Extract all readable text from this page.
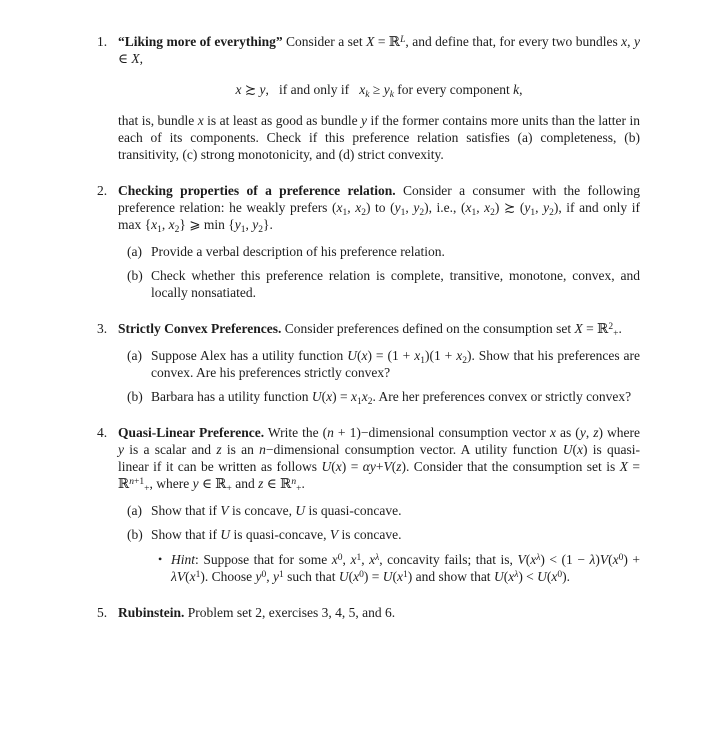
1. “Liking more of everything” Consider a set X = ℝ$^L$, and define that, for every two bundles x, y ∈ X,

x ≿ y,  if and only if  $x_k \ge y_k$ for every component k,

that is, bundle x is at least as good as bundle y if the former contains more units than the latter in each of its components. Check if this preference relation satisfies (a) completeness, (b) transitivity, (c) strong monotonicity, and (d) strict convexity.

2. Checking properties of a preference relation. Consider a consumer with the following preference relation: he weakly prefers ($x_1$, $x_2$) to ($y_1$, $y_2$), i.e., ($x_1$, $x_2$) ≿ ($y_1$, $y_2$), if and only if $\max \{x_1$, $x_2$} ⩾ $\min \{y_1$, $y_2$}.

(a) Provide a verbal description of his preference relation.

(b) Check whether this preference relation is complete, transitive, monotone, convex, and locally nonsatiated.

3. Strictly Convex Preferences. Consider preferences defined on the consumption set X = ℝ$^2_+$.

(a) Suppose Alex has a utility function $U(x) = (1 + x_1)(1 + x_2)$. Show that his preferences are convex. Are his preferences strictly convex?

(b) Barbara has a utility function $U(x) = x_1x_2$. Are her preferences convex or strictly convex?

4. Quasi-Linear Preference. Write the (n + 1)−dimensional consumption vector x as (y, z) where y is a scalar and z is an n−dimensional consumption vector. A utility function U(x) is quasi-linear if it can be written as follows U(x) = αy+V(z). Consider that the consumption set is X = ℝ$^{n+1}_+$, where y ∈ ℝ$_+$ and z ∈ ℝ$^n_+$.

(a) Show that if V is concave, U is quasi-concave.

(b) Show that if U is quasi-concave, V is concave.

• Hint: Suppose that for some $x^0$, $x^1$, $x^\lambda$, concavity fails; that is, $V(x^\lambda) < (1 - \lambda)V(x^0) + \lambda V(x^1)$. Choose $y^0$, $y^1$ such that $U(x^0) = U(x^1)$ and show that $U(x^\lambda) < U(x^0)$.

5. Rubinstein. Problem set 2, exercises 3, 4, 5, and 6.
